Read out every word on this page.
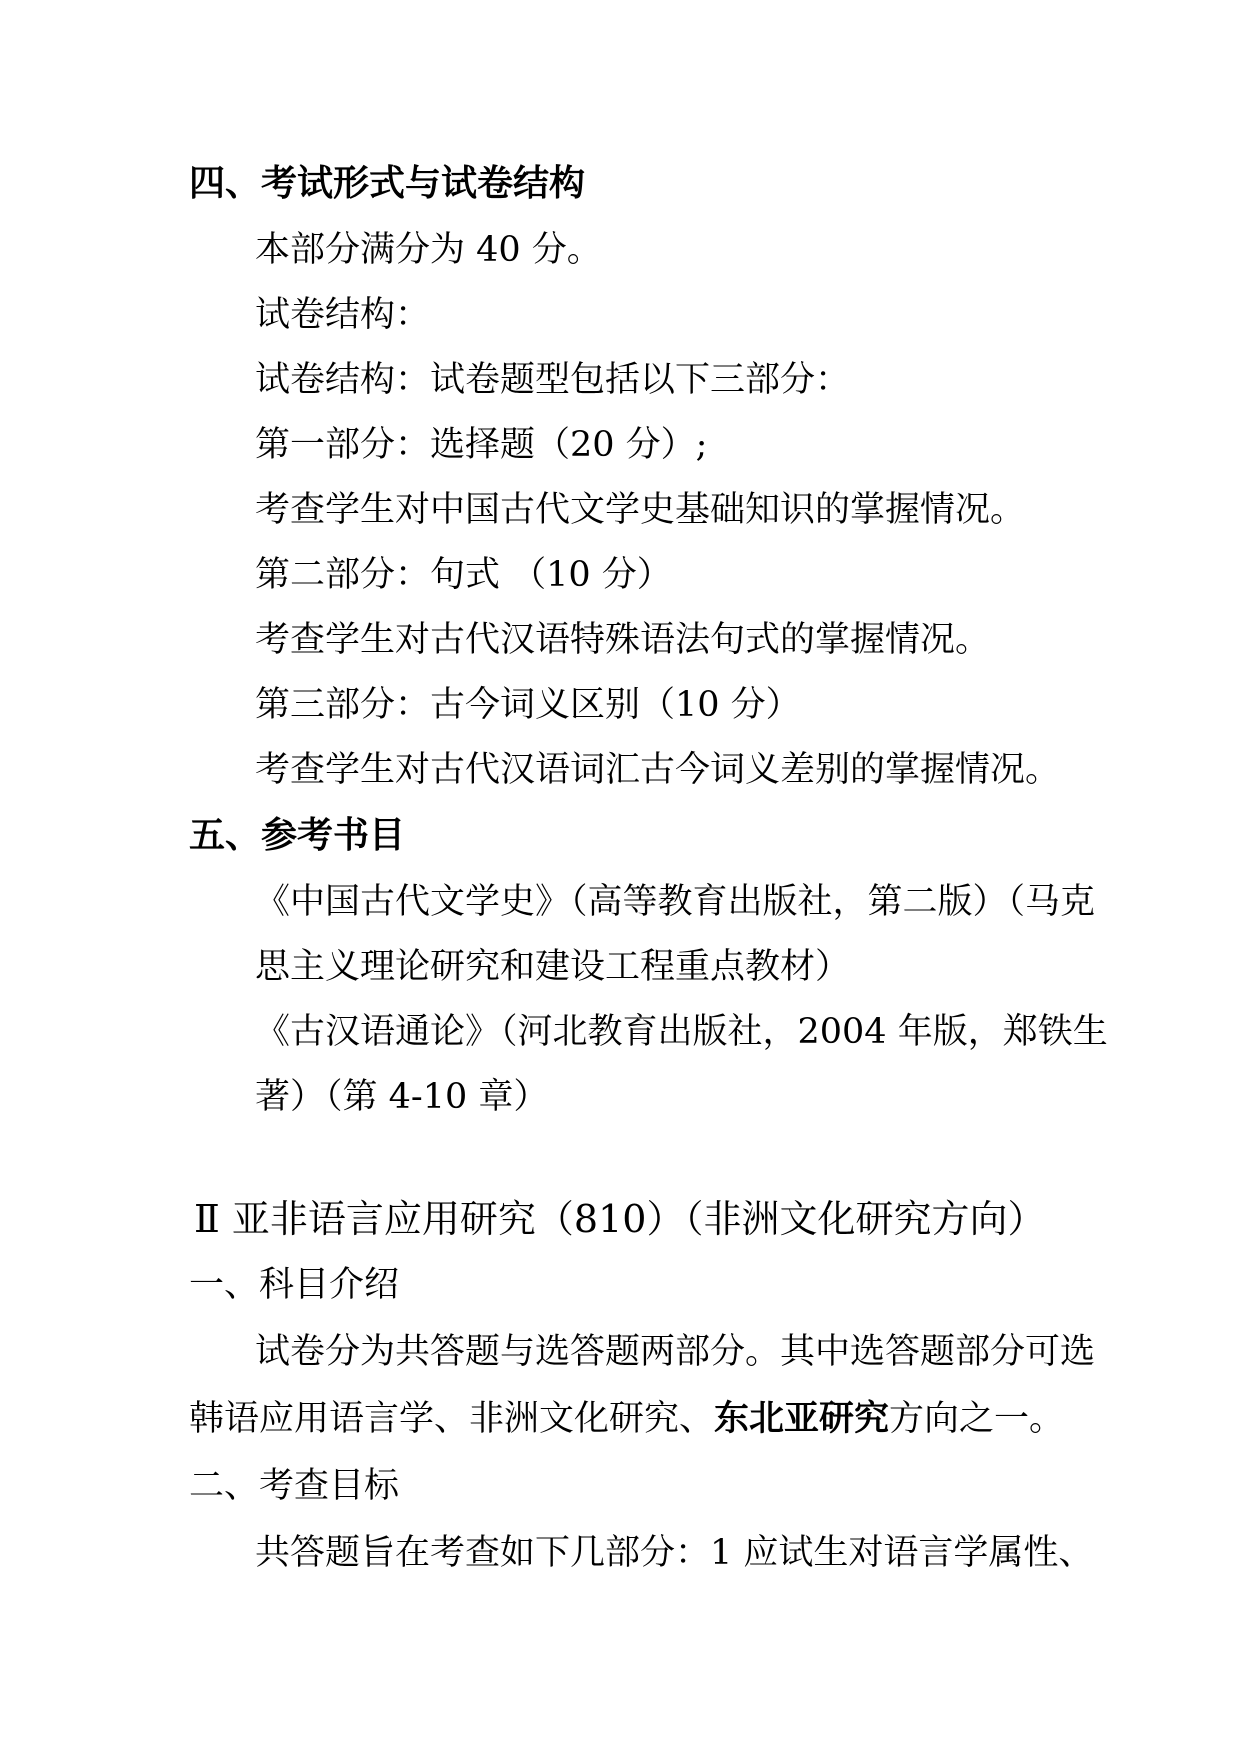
四、考试形式与试卷结构
本部分满分为 40 分。
试卷结构：
试卷结构：试卷题型包括以下三部分：
第一部分：选择题（20 分）;
考查学生对中国古代文学史基础知识的掌握情况。
第二部分：句式 （10 分）
考查学生对古代汉语特殊语法句式的掌握情况。
第三部分：古今词义区别（10 分）
考查学生对古代汉语词汇古今词义差别的掌握情况。
五、参考书目
《中国古代文学史》（高等教育出版社，第二版）（马克
思主义理论研究和建设工程重点教材）
《古汉语通论》（河北教育出版社，2004 年版，郑铁生
著）（第 4-10 章）
Ⅱ 亚非语言应用研究（810）（非洲文化研究方向）
一、科目介绍
试卷分为共答题与选答题两部分。其中选答题部分可选
韩语应用语言学、非洲文化研究、东北亚研究方向之一。
二、考查目标
共答题旨在考查如下几部分：1 应试生对语言学属性、
